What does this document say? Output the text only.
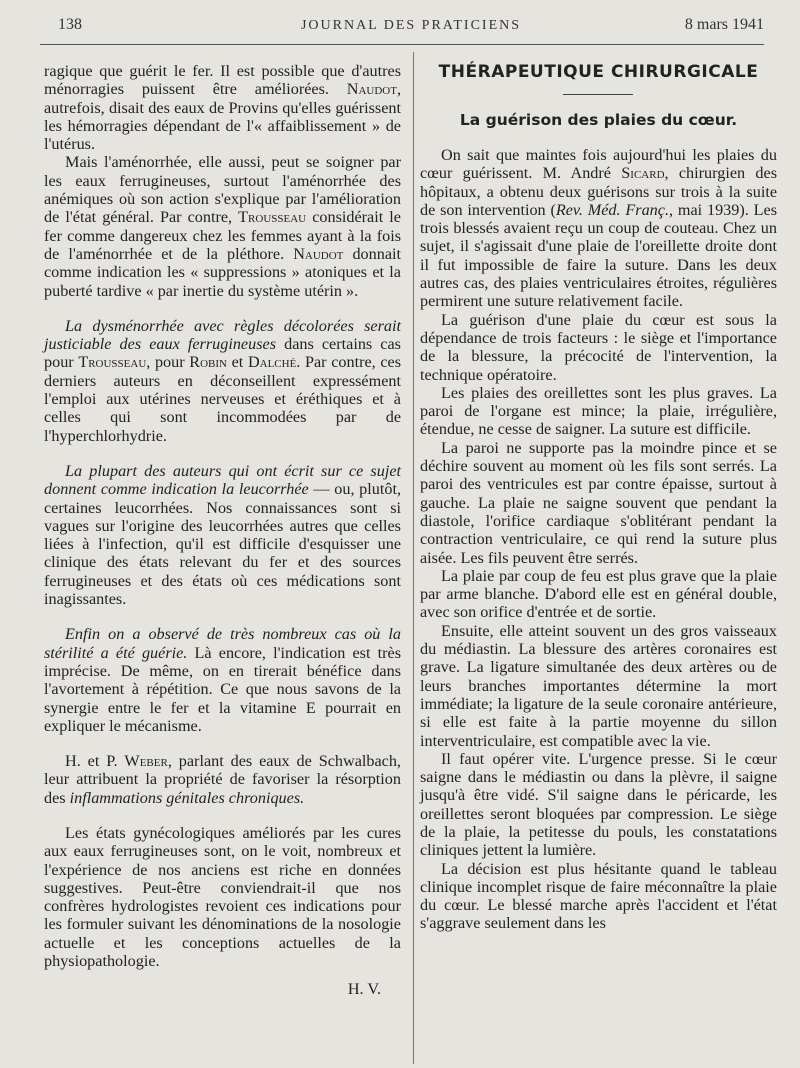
138	JOURNAL DES PRATICIENS	8 mars 1941

ragique que guérit le fer. Il est possible que d'autres ménorragies puissent être améliorées. Naudot, autrefois, disait des eaux de Provins qu'elles guérissent les hémorragies dépendant de l'« affaiblissement » de l'utérus.

Mais l'aménorrhée, elle aussi, peut se soigner par les eaux ferrugineuses, surtout l'aménorrhée des anémiques où son action s'explique par l'amélioration de l'état général. Par contre, Trousseau considérait le fer comme dangereux chez les femmes ayant à la fois de l'aménorrhée et de la pléthore. Naudot donnait comme indication les « suppressions » atoniques et la puberté tardive « par inertie du système utérin ».

La dysménorrhée avec règles décolorées serait justiciable des eaux ferrugineuses dans certains cas pour Trousseau, pour Robin et Dalché. Par contre, ces derniers auteurs en déconseillent expressément l'emploi aux utérines nerveuses et éréthiques et à celles qui sont incommodées par de l'hyperchlorhydrie.

La plupart des auteurs qui ont écrit sur ce sujet donnent comme indication la leucorrhée — ou, plutôt, certaines leucorrhées. Nos connaissances sont si vagues sur l'origine des leucorrhées autres que celles liées à l'infection, qu'il est difficile d'esquisser une clinique des états relevant du fer et des sources ferrugineuses et des états où ces médications sont inagissantes.

Enfin on a observé de très nombreux cas où la stérilité a été guérie. Là encore, l'indication est très imprécise. De même, on en tirerait bénéfice dans l'avortement à répétition. Ce que nous savons de la synergie entre le fer et la vitamine E pourrait en expliquer le mécanisme.

H. et P. Weber, parlant des eaux de Schwalbach, leur attribuent la propriété de favoriser la résorption des inflammations génitales chroniques.

Les états gynécologiques améliorés par les cures aux eaux ferrugineuses sont, on le voit, nombreux et l'expérience de nos anciens est riche en données suggestives. Peut-être conviendrait-il que nos confrères hydrologistes revoient ces indications pour les formuler suivant les dénominations de la nosologie actuelle et les conceptions actuelles de la physiopathologie.

H. V.

THÉRAPEUTIQUE CHIRURGICALE
La guérison des plaies du cœur.

On sait que maintes fois aujourd'hui les plaies du cœur guérissent. M. André Sicard, chirurgien des hôpitaux, a obtenu deux guérisons sur trois à la suite de son intervention (Rev. Méd. Franç., mai 1939). Les trois blessés avaient reçu un coup de couteau. Chez un sujet, il s'agissait d'une plaie de l'oreillette droite dont il fut impossible de faire la suture. Dans les deux autres cas, des plaies ventriculaires étroites, régulières permirent une suture relativement facile.

La guérison d'une plaie du cœur est sous la dépendance de trois facteurs : le siège et l'importance de la blessure, la précocité de l'intervention, la technique opératoire.

Les plaies des oreillettes sont les plus graves. La paroi de l'organe est mince; la plaie, irrégulière, étendue, ne cesse de saigner. La suture est difficile.

La paroi ne supporte pas la moindre pince et se déchire souvent au moment où les fils sont serrés. La paroi des ventricules est par contre épaisse, surtout à gauche. La plaie ne saigne souvent que pendant la diastole, l'orifice cardiaque s'oblitérant pendant la contraction ventriculaire, ce qui rend la suture plus aisée. Les fils peuvent être serrés.

La plaie par coup de feu est plus grave que la plaie par arme blanche. D'abord elle est en général double, avec son orifice d'entrée et de sortie.

Ensuite, elle atteint souvent un des gros vaisseaux du médiastin. La blessure des artères coronaires est grave. La ligature simultanée des deux artères ou de leurs branches importantes détermine la mort immédiate; la ligature de la seule coronaire antérieure, si elle est faite à la partie moyenne du sillon interventriculaire, est compatible avec la vie.

Il faut opérer vite. L'urgence presse. Si le cœur saigne dans le médiastin ou dans la plèvre, il saigne jusqu'à être vidé. S'il saigne dans le péricarde, les oreillettes seront bloquées par compression. Le siège de la plaie, la petitesse du pouls, les constatations cliniques jettent la lumière.

La décision est plus hésitante quand le tableau clinique incomplet risque de faire méconnaître la plaie du cœur. Le blessé marche après l'accident et l'état s'aggrave seulement dans les
